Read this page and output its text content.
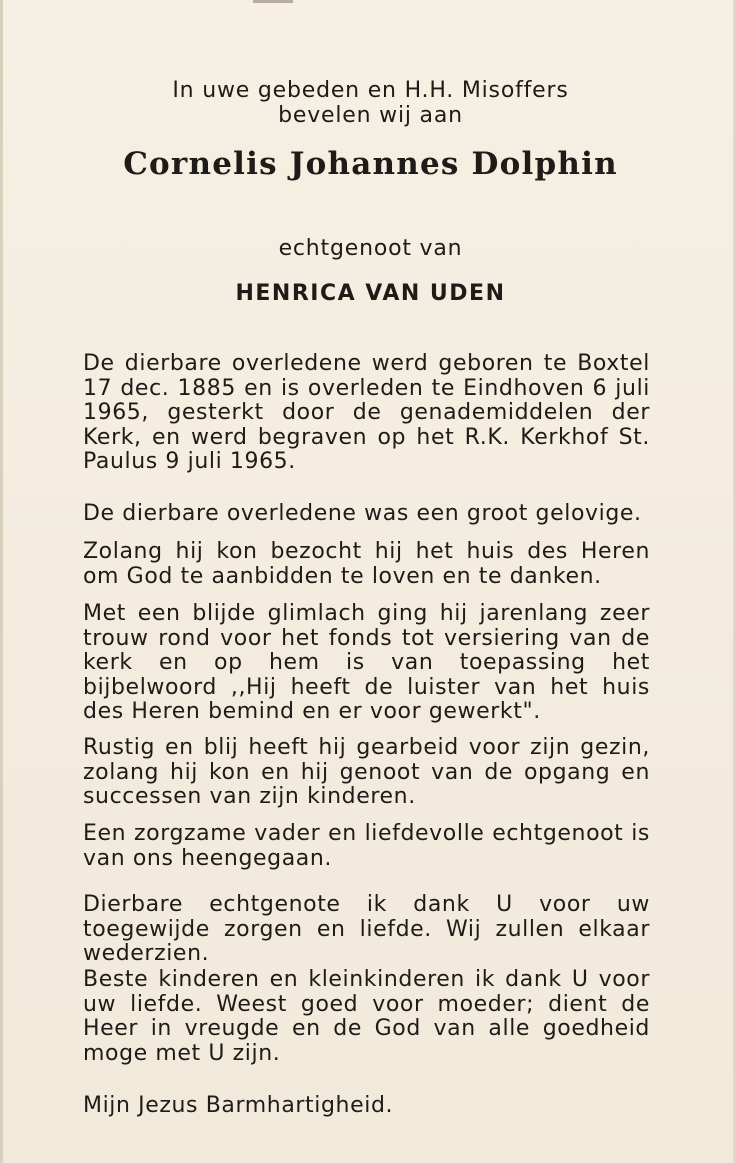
In uwe gebeden en H.H. Misoffers
bevelen wij aan
Cornelis Johannes Dolphin
echtgenoot van
HENRICA VAN UDEN

De dierbare overledene werd geboren te Boxtel 17 dec. 1885 en is overleden te Eindhoven 6 juli 1965, gesterkt door de genademiddelen der Kerk, en werd begraven op het R.K. Kerkhof St. Paulus 9 juli 1965.

De dierbare overledene was een groot gelovige.

Zolang hij kon bezocht hij het huis des Heren om God te aanbidden te loven en te danken.

Met een blijde glimlach ging hij jarenlang zeer trouw rond voor het fonds tot versiering van de kerk en op hem is van toepassing het bijbelwoord ,,Hij heeft de luister van het huis des Heren bemind en er voor gewerkt".

Rustig en blij heeft hij gearbeid voor zijn gezin, zolang hij kon en hij genoot van de opgang en successen van zijn kinderen.

Een zorgzame vader en liefdevolle echtgenoot is van ons heengegaan.

Dierbare echtgenote ik dank U voor uw toegewijde zorgen en liefde. Wij zullen elkaar wederzien.

Beste kinderen en kleinkinderen ik dank U voor uw liefde. Weest goed voor moeder; dient de Heer in vreugde en de God van alle goedheid moge met U zijn.

Mijn Jezus Barmhartigheid.
